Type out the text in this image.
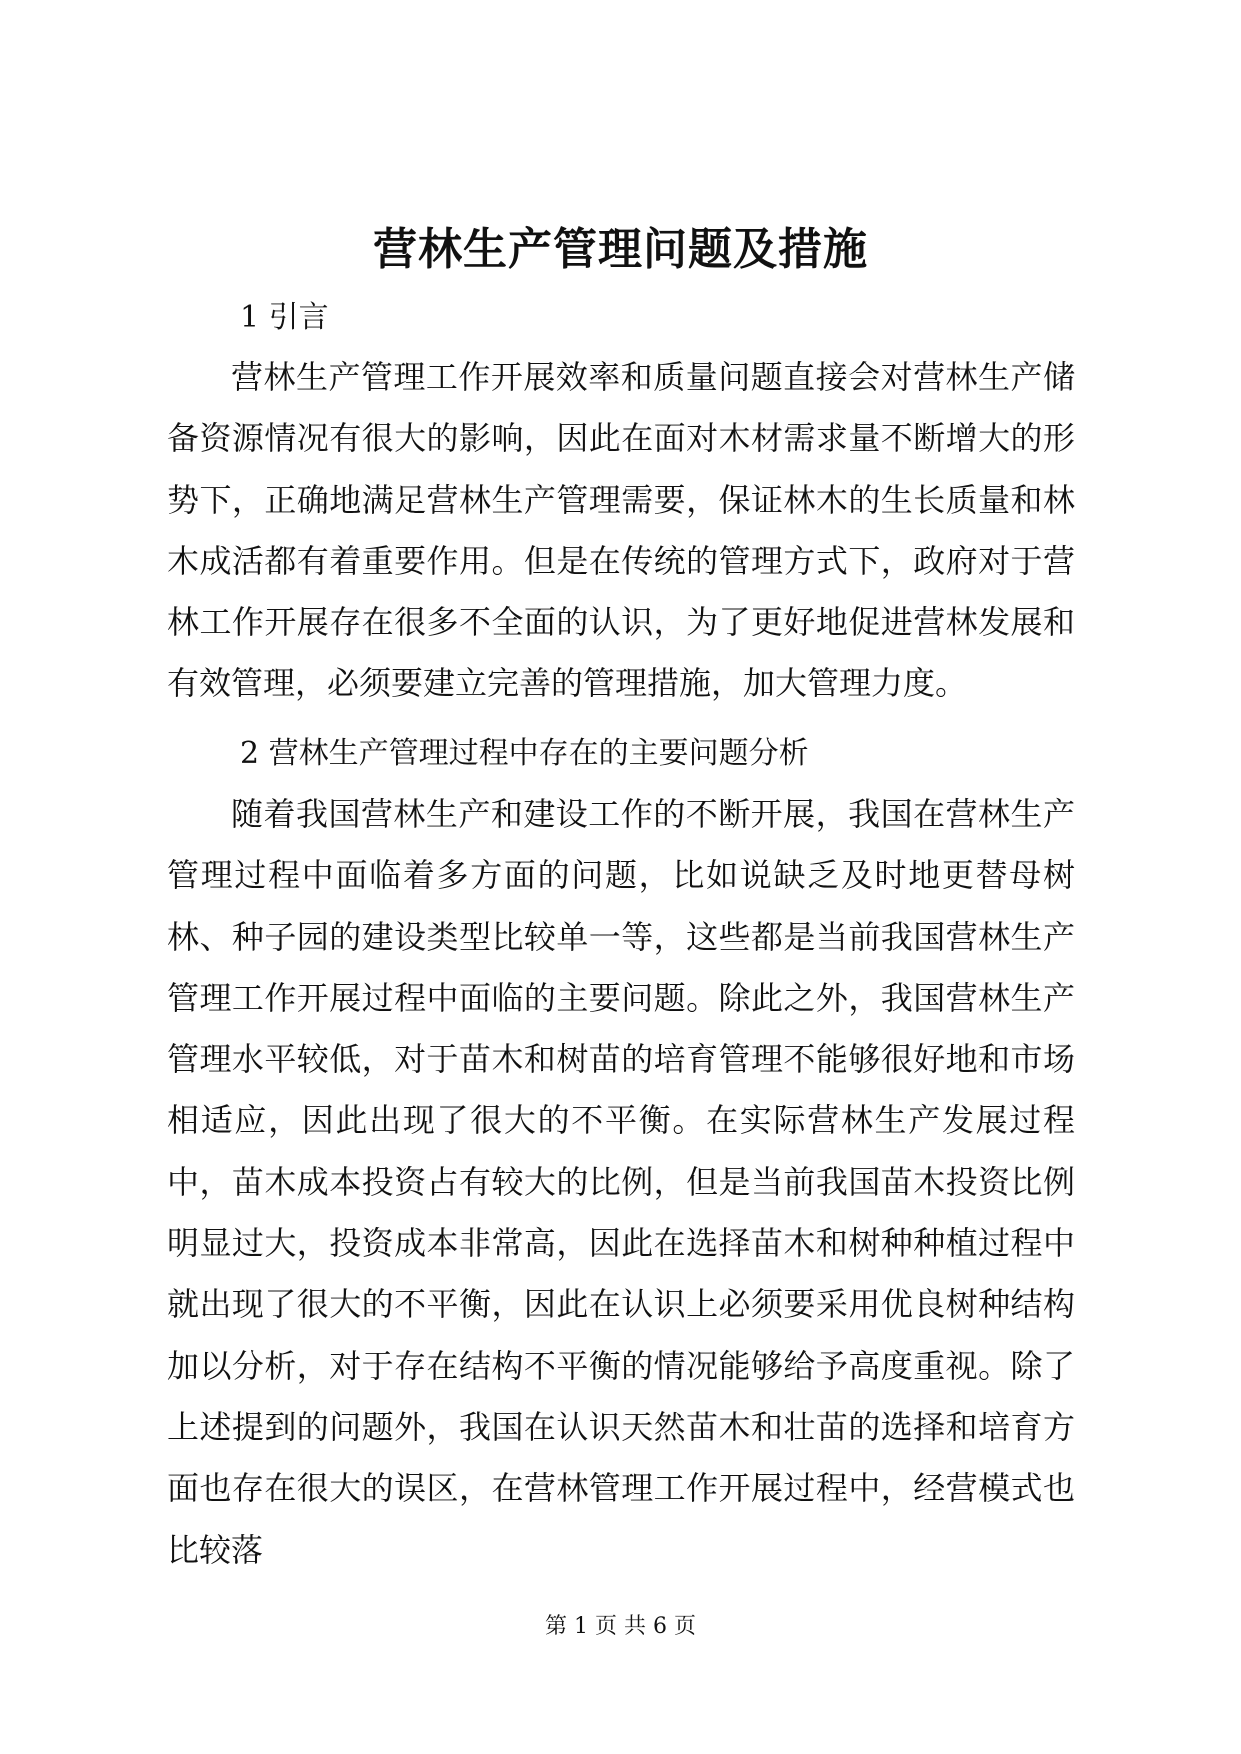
营林生产管理问题及措施

1 引言

营林生产管理工作开展效率和质量问题直接会对营林生产储备资源情况有很大的影响，因此在面对木材需求量不断增大的形势下，正确地满足营林生产管理需要，保证林木的生长质量和林木成活都有着重要作用。但是在传统的管理方式下，政府对于营林工作开展存在很多不全面的认识，为了更好地促进营林发展和有效管理，必须要建立完善的管理措施，加大管理力度。

2 营林生产管理过程中存在的主要问题分析

随着我国营林生产和建设工作的不断开展，我国在营林生产管理过程中面临着多方面的问题，比如说缺乏及时地更替母树林、种子园的建设类型比较单一等，这些都是当前我国营林生产管理工作开展过程中面临的主要问题。除此之外，我国营林生产管理水平较低，对于苗木和树苗的培育管理不能够很好地和市场相适应，因此出现了很大的不平衡。在实际营林生产发展过程中，苗木成本投资占有较大的比例，但是当前我国苗木投资比例明显过大，投资成本非常高，因此在选择苗木和树种种植过程中就出现了很大的不平衡，因此在认识上必须要采用优良树种结构加以分析，对于存在结构不平衡的情况能够给予高度重视。除了上述提到的问题外，我国在认识天然苗木和壮苗的选择和培育方面也存在很大的误区，在营林管理工作开展过程中，经营模式也比较落

第 1 页 共 6 页
